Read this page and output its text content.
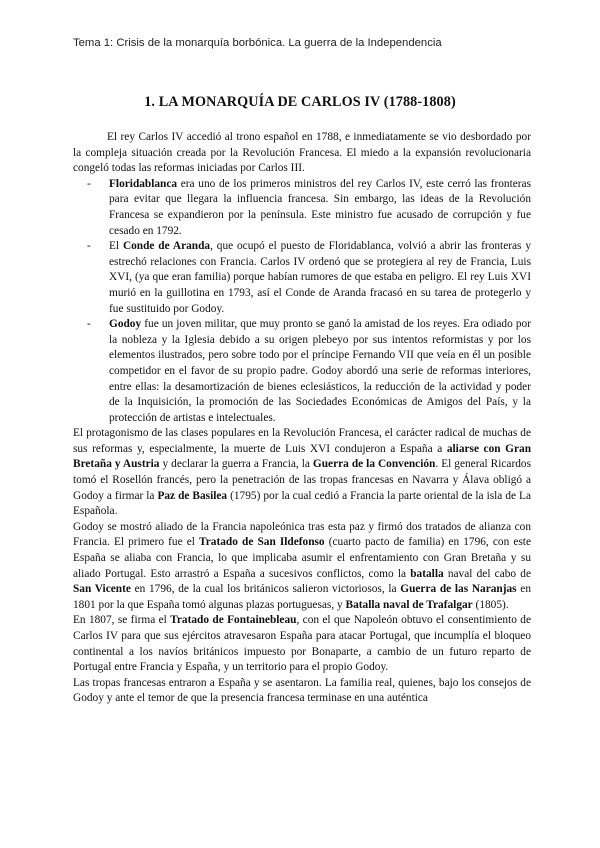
Tema 1: Crisis de la monarquía borbónica. La guerra de la Independencia
1. LA MONARQUÍA DE CARLOS IV (1788-1808)

El rey Carlos IV accedió al trono español en 1788, e inmediatamente se vio desbordado por la compleja situación creada por la Revolución Francesa. El miedo a la expansión revolucionaria congeló todas las reformas iniciadas por Carlos III.

- Floridablanca era uno de los primeros ministros del rey Carlos IV, este cerró las fronteras para evitar que llegara la influencia francesa. Sin embargo, las ideas de la Revolución Francesa se expandieron por la península. Este ministro fue acusado de corrupción y fue cesado en 1792.
- El Conde de Aranda, que ocupó el puesto de Floridablanca, volvió a abrir las fronteras y estrechó relaciones con Francia. Carlos IV ordenó que se protegiera al rey de Francia, Luis XVI, (ya que eran familia) porque habían rumores de que estaba en peligro. El rey Luis XVI murió en la guillotina en 1793, así el Conde de Aranda fracasó en su tarea de protegerlo y fue sustituido por Godoy.
- Godoy fue un joven militar, que muy pronto se ganó la amistad de los reyes. Era odiado por la nobleza y la Iglesia debido a su origen plebeyo por sus intentos reformistas y por los elementos ilustrados, pero sobre todo por el príncipe Fernando VII que veía en él un posible competidor en el favor de su propio padre. Godoy abordó una serie de reformas interiores, entre ellas: la desamortización de bienes eclesiásticos, la reducción de la actividad y poder de la Inquisición, la promoción de las Sociedades Económicas de Amigos del País, y la protección de artistas e intelectuales.

El protagonismo de las clases populares en la Revolución Francesa, el carácter radical de muchas de sus reformas y, especialmente, la muerte de Luis XVI condujeron a España a aliarse con Gran Bretaña y Austria y declarar la guerra a Francia, la Guerra de la Convención. El general Ricardos tomó el Rosellón francés, pero la penetración de las tropas francesas en Navarra y Álava obligó a Godoy a firmar la Paz de Basilea (1795) por la cual cedió a Francia la parte oriental de la isla de La Española.

Godoy se mostró aliado de la Francia napoleónica tras esta paz y firmó dos tratados de alianza con Francia. El primero fue el Tratado de San Ildefonso (cuarto pacto de familia) en 1796, con este España se aliaba con Francia, lo que implicaba asumir el enfrentamiento con Gran Bretaña y su aliado Portugal. Esto arrastró a España a sucesivos conflictos, como la batalla naval del cabo de San Vicente en 1796, de la cual los británicos salieron victoriosos, la Guerra de las Naranjas en 1801 por la que España tomó algunas plazas portuguesas, y Batalla naval de Trafalgar (1805).

En 1807, se firma el Tratado de Fontainebleau, con el que Napoleón obtuvo el consentimiento de Carlos IV para que sus ejércitos atravesaron España para atacar Portugal, que incumplía el bloqueo continental a los navíos británicos impuesto por Bonaparte, a cambio de un futuro reparto de Portugal entre Francia y España, y un territorio para el propio Godoy.

Las tropas francesas entraron a España y se asentaron. La familia real, quienes, bajo los consejos de Godoy y ante el temor de que la presencia francesa terminase en una auténtica
